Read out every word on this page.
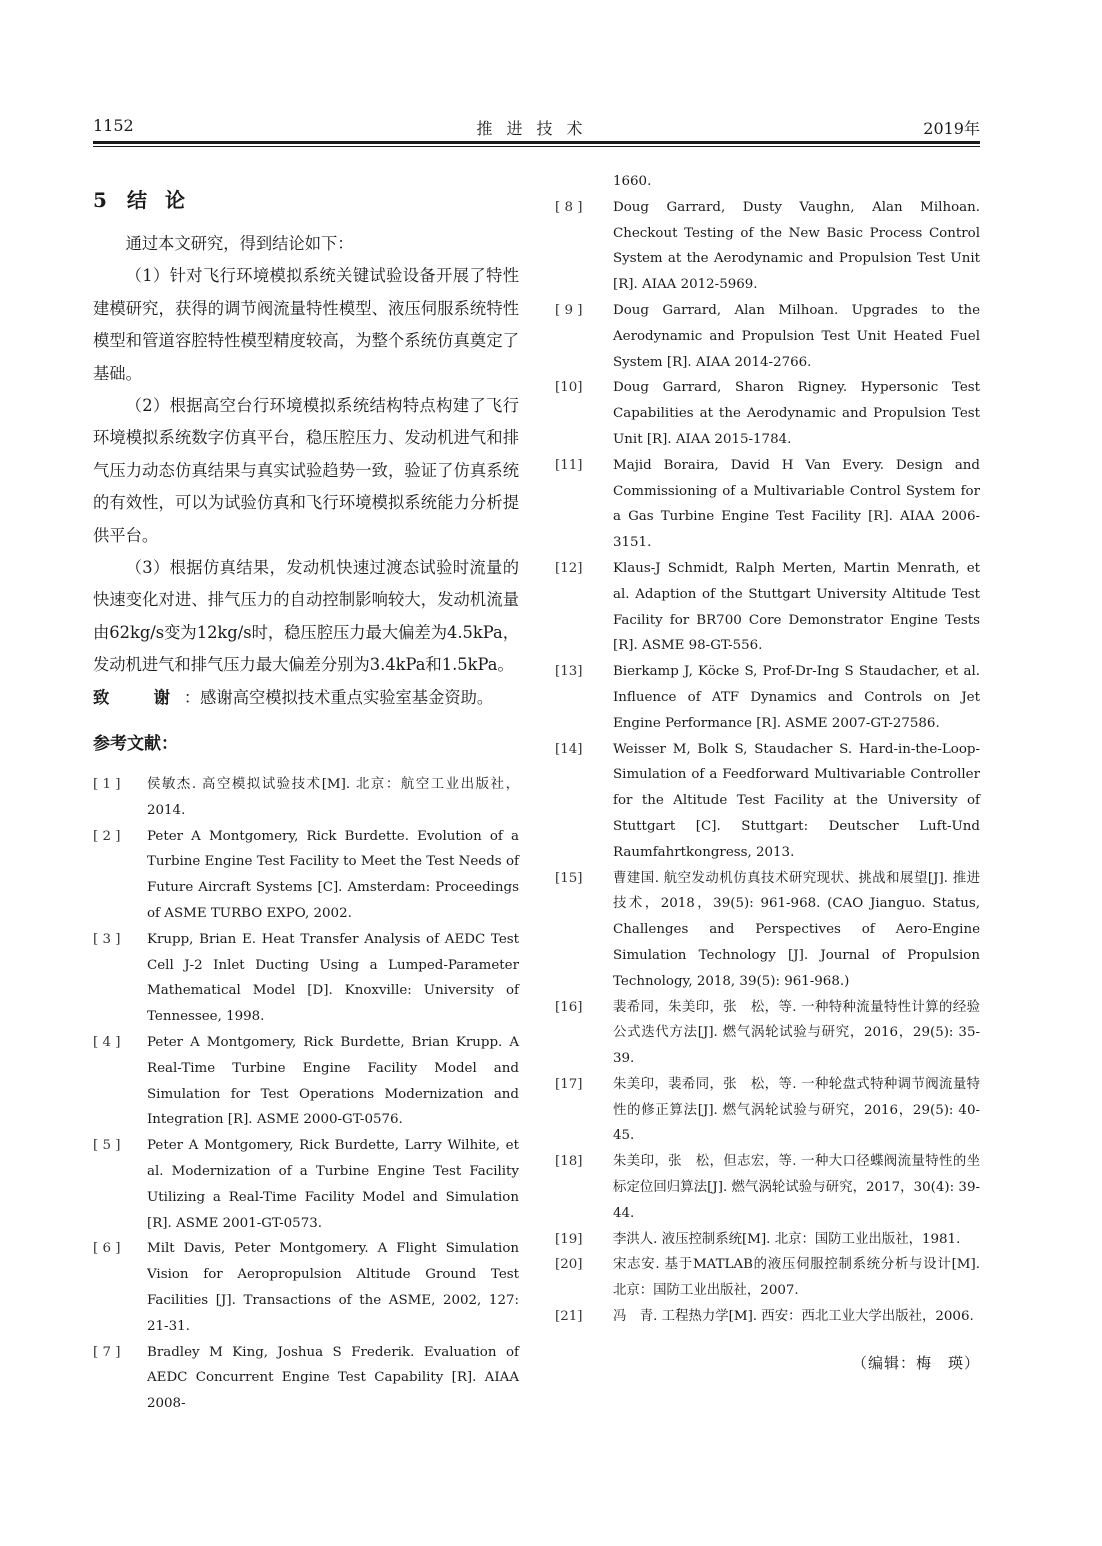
1152	推进技术	2019年
5 结论

通过本文研究，得到结论如下：

（1）针对飞行环境模拟系统关键试验设备开展了特性建模研究，获得的调节阀流量特性模型、液压伺服系统特性模型和管道容腔特性模型精度较高，为整个系统仿真奠定了基础。

（2）根据高空台行环境模拟系统结构特点构建了飞行环境模拟系统数字仿真平台，稳压腔压力、发动机进气和排气压力动态仿真结果与真实试验趋势一致，验证了仿真系统的有效性，可以为试验仿真和飞行环境模拟系统能力分析提供平台。

（3）根据仿真结果，发动机快速过渡态试验时流量的快速变化对进、排气压力的自动控制影响较大，发动机流量由62kg/s变为12kg/s时，稳压腔压力最大偏差为4.5kPa，发动机进气和排气压力最大偏差分别为3.4kPa和1.5kPa。

致　谢：感谢高空模拟技术重点实验室基金资助。

参考文献：
[ 1 ]	侯敏杰. 高空模拟试验技术[M]. 北京：航空工业出版社，2014.
[ 2 ]	Peter A Montgomery, Rick Burdette. Evolution of a Turbine Engine Test Facility to Meet the Test Needs of Future Aircraft Systems [C]. Amsterdam: Proceedings of ASME TURBO EXPO, 2002.
[ 3 ]	Krupp, Brian E. Heat Transfer Analysis of AEDC Test Cell J-2 Inlet Ducting Using a Lumped-Parameter Mathematical Model [D]. Knoxville: University of Tennessee, 1998.
[ 4 ]	Peter A Montgomery, Rick Burdette, Brian Krupp. A Real-Time Turbine Engine Facility Model and Simulation for Test Operations Modernization and Integration [R]. ASME 2000-GT-0576.
[ 5 ]	Peter A Montgomery, Rick Burdette, Larry Wilhite, et al. Modernization of a Turbine Engine Test Facility Utilizing a Real-Time Facility Model and Simulation [R]. ASME 2001-GT-0573.
[ 6 ]	Milt Davis, Peter Montgomery. A Flight Simulation Vision for Aeropropulsion Altitude Ground Test Facilities [J]. Transactions of the ASME, 2002, 127: 21-31.
[ 7 ]	Bradley M King, Joshua S Frederik. Evaluation of AEDC Concurrent Engine Test Capability [R]. AIAA 2008-
1660.
[ 8 ]	Doug Garrard, Dusty Vaughn, Alan Milhoan. Checkout Testing of the New Basic Process Control System at the Aerodynamic and Propulsion Test Unit [R]. AIAA 2012-5969.
[ 9 ]	Doug Garrard, Alan Milhoan. Upgrades to the Aerodynamic and Propulsion Test Unit Heated Fuel System [R]. AIAA 2014-2766.
[10]	Doug Garrard, Sharon Rigney. Hypersonic Test Capabilities at the Aerodynamic and Propulsion Test Unit [R]. AIAA 2015-1784.
[11]	Majid Boraira, David H Van Every. Design and Commissioning of a Multivariable Control System for a Gas Turbine Engine Test Facility [R]. AIAA 2006-3151.
[12]	Klaus-J Schmidt, Ralph Merten, Martin Menrath, et al. Adaption of the Stuttgart University Altitude Test Facility for BR700 Core Demonstrator Engine Tests [R]. ASME 98-GT-556.
[13]	Bierkamp J, Köcke S, Prof-Dr-Ing S Staudacher, et al. Influence of ATF Dynamics and Controls on Jet Engine Performance [R]. ASME 2007-GT-27586.
[14]	Weisser M, Bolk S, Staudacher S. Hard-in-the-Loop-Simulation of a Feedforward Multivariable Controller for the Altitude Test Facility at the University of Stuttgart [C]. Stuttgart: Deutscher Luft-Und Raumfahrtkongress, 2013.
[15]	曹建国. 航空发动机仿真技术研究现状、挑战和展望[J]. 推进技术，2018，39(5): 961-968. (CAO Jianguo. Status, Challenges and Perspectives of Aero-Engine Simulation Technology [J]. Journal of Propulsion Technology, 2018, 39(5): 961-968.)
[16]	裴希同，朱美印，张　松，等. 一种特种流量特性计算的经验公式迭代方法[J]. 燃气涡轮试验与研究，2016，29(5): 35-39.
[17]	朱美印，裴希同，张　松，等. 一种轮盘式特种调节阀流量特性的修正算法[J]. 燃气涡轮试验与研究，2016，29(5): 40-45.
[18]	朱美印，张　松，但志宏，等. 一种大口径蝶阀流量特性的坐标定位回归算法[J]. 燃气涡轮试验与研究，2017，30(4): 39-44.
[19]	李洪人. 液压控制系统[M]. 北京：国防工业出版社，1981.
[20]	宋志安. 基于MATLAB的液压伺服控制系统分析与设计[M]. 北京：国防工业出版社，2007.
[21]	冯　青. 工程热力学[M]. 西安：西北工业大学出版社，2006.
（编辑：梅　瑛）
